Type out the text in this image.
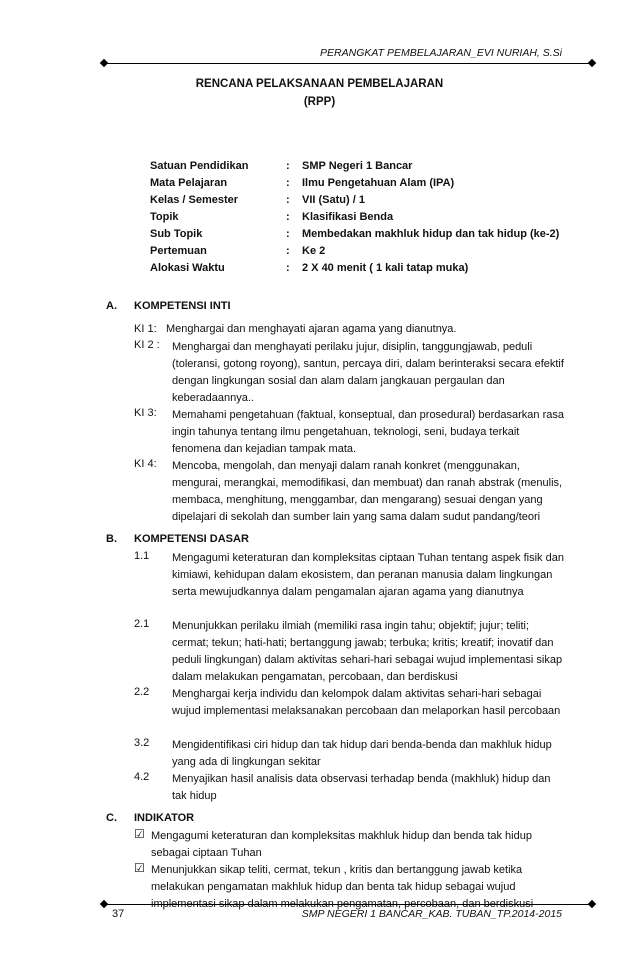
PERANGKAT PEMBELAJARAN_EVI NURIAH, S.Si
RENCANA PELAKSANAAN PEMBELAJARAN
(RPP)
Satuan Pendidikan	: SMP Negeri 1 Bancar
Mata Pelajaran	: Ilmu Pengetahuan Alam (IPA)
Kelas / Semester	: VII (Satu) / 1
Topik	: Klasifikasi Benda
Sub Topik	: Membedakan makhluk hidup dan tak hidup (ke-2)
Pertemuan	: Ke 2
Alokasi Waktu	: 2 X 40 menit ( 1 kali tatap muka)
A. KOMPETENSI INTI
KI 1: Menghargai dan menghayati ajaran agama yang dianutnya.
KI 2 : Menghargai dan menghayati perilaku jujur, disiplin, tanggungjawab, peduli (toleransi, gotong royong), santun, percaya diri, dalam berinteraksi secara efektif dengan lingkungan sosial dan alam dalam jangkauan pergaulan dan keberadaannya..
KI 3: Memahami pengetahuan (faktual, konseptual, dan prosedural) berdasarkan rasa ingin tahunya tentang ilmu pengetahuan, teknologi, seni, budaya terkait fenomena dan kejadian tampak mata.
KI 4: Mencoba, mengolah, dan menyaji dalam ranah konkret (menggunakan, mengurai, merangkai, memodifikasi, dan membuat) dan ranah abstrak (menulis, membaca, menghitung, menggambar, dan mengarang) sesuai dengan yang dipelajari di sekolah dan sumber lain yang sama dalam sudut pandang/teori
B. KOMPETENSI DASAR
1.1 Mengagumi keteraturan dan kompleksitas ciptaan Tuhan tentang aspek fisik dan kimiawi, kehidupan dalam ekosistem, dan peranan manusia dalam lingkungan serta mewujudkannya dalam pengamalan ajaran agama yang dianutnya
2.1 Menunjukkan perilaku ilmiah (memiliki rasa ingin tahu; objektif; jujur; teliti; cermat; tekun; hati-hati; bertanggung jawab; terbuka; kritis; kreatif; inovatif dan peduli lingkungan) dalam aktivitas sehari-hari sebagai wujud implementasi sikap dalam melakukan pengamatan, percobaan, dan berdiskusi
2.2 Menghargai kerja individu dan kelompok dalam aktivitas sehari-hari sebagai wujud implementasi melaksanakan percobaan dan melaporkan hasil percobaan
3.2 Mengidentifikasi ciri hidup dan tak hidup dari benda-benda dan makhluk hidup yang ada di lingkungan sekitar
4.2 Menyajikan hasil analisis data observasi terhadap benda (makhluk) hidup dan tak hidup
C. INDIKATOR
☑ Mengagumi keteraturan dan kompleksitas makhluk hidup dan benda tak hidup sebagai ciptaan Tuhan
☑ Menunjukkan sikap teliti, cermat, tekun , kritis dan bertanggung jawab ketika melakukan pengamatan makhluk hidup dan benta tak hidup sebagai wujud implementasi sikap dalam melakukan pengamatan, percobaan, dan berdiskusi
37	SMP NEGERI 1 BANCAR_KAB. TUBAN_TP.2014-2015
